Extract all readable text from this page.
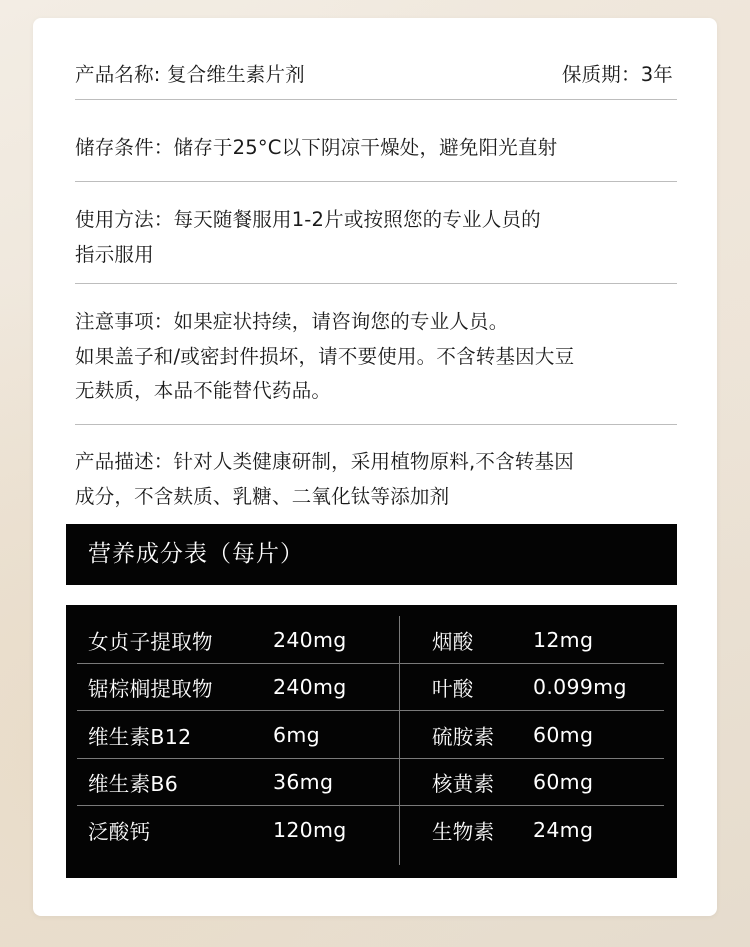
产品名称: 复合维生素片剂	保质期：3年
储存条件：储存于25°C以下阴凉干燥处，避免阳光直射
使用方法：每天随餐服用1-2片或按照您的专业人员的
指示服用
注意事项：如果症状持续，请咨询您的专业人员。
如果盖子和/或密封件损坏，请不要使用。不含转基因大豆
无麸质，本品不能替代药品。
产品描述：针对人类健康研制，采用植物原料,不含转基因
成分，不含麸质、乳糖、二氧化钛等添加剂
营养成分表（每片）
女贞子提取物	240mg	烟酸	12mg
锯棕榈提取物	240mg	叶酸	0.099mg
维生素B12	6mg	硫胺素 60mg
维生素B6	36mg	核黄素 60mg
泛酸钙	120mg	生物素 24mg
